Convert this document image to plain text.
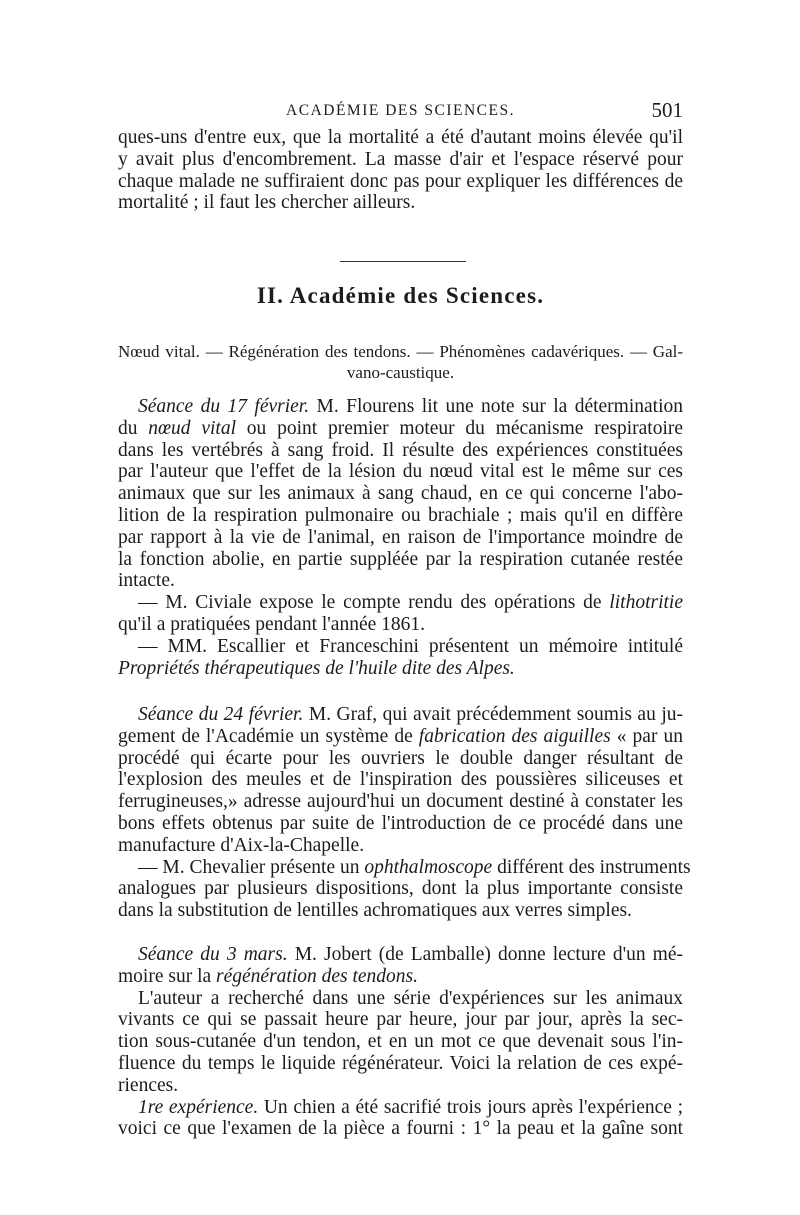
ACADÉMIE DES SCIENCES.	501
ques-uns d'entre eux, que la mortalité a été d'autant moins élevée qu'il
y avait plus d'encombrement. La masse d'air et l'espace réservé pour
chaque malade ne suffiraient donc pas pour expliquer les différences de
mortalité ; il faut les chercher ailleurs.
II. Académie des Sciences.
Nœud vital. — Régénération des tendons. — Phénomènes cadavériques. — Gal-
vano-caustique.
Séance du 17 février. M. Flourens lit une note sur la détermination
du nœud vital ou point premier moteur du mécanisme respiratoire
dans les vertébrés à sang froid. Il résulte des expériences constituées
par l'auteur que l'effet de la lésion du nœud vital est le même sur ces
animaux que sur les animaux à sang chaud, en ce qui concerne l'abo-
lition de la respiration pulmonaire ou brachiale ; mais qu'il en diffère
par rapport à la vie de l'animal, en raison de l'importance moindre de
la fonction abolie, en partie suppléée par la respiration cutanée restée
intacte.
— M. Civiale expose le compte rendu des opérations de lithotritie
qu'il a pratiquées pendant l'année 1861.
— MM. Escallier et Franceschini présentent un mémoire intitulé
Propriétés thérapeutiques de l'huile dite des Alpes.
Séance du 24 février. M. Graf, qui avait précédemment soumis au ju-
gement de l'Académie un système de fabrication des aiguilles « par un
procédé qui écarte pour les ouvriers le double danger résultant de
l'explosion des meules et de l'inspiration des poussières siliceuses et
ferrugineuses,» adresse aujourd'hui un document destiné à constater les
bons effets obtenus par suite de l'introduction de ce procédé dans une
manufacture d'Aix-la-Chapelle.
— M. Chevalier présente un ophthalmoscope différent des instruments
analogues par plusieurs dispositions, dont la plus importante consiste
dans la substitution de lentilles achromatiques aux verres simples.
Séance du 3 mars. M. Jobert (de Lamballe) donne lecture d'un mé-
moire sur la régénération des tendons.
L'auteur a recherché dans une série d'expériences sur les animaux
vivants ce qui se passait heure par heure, jour par jour, après la sec-
tion sous-cutanée d'un tendon, et en un mot ce que devenait sous l'in-
fluence du temps le liquide régénérateur. Voici la relation de ces expé-
riences.
1re expérience. Un chien a été sacrifié trois jours après l'expérience ;
voici ce que l'examen de la pièce a fourni : 1° la peau et la gaîne sont
